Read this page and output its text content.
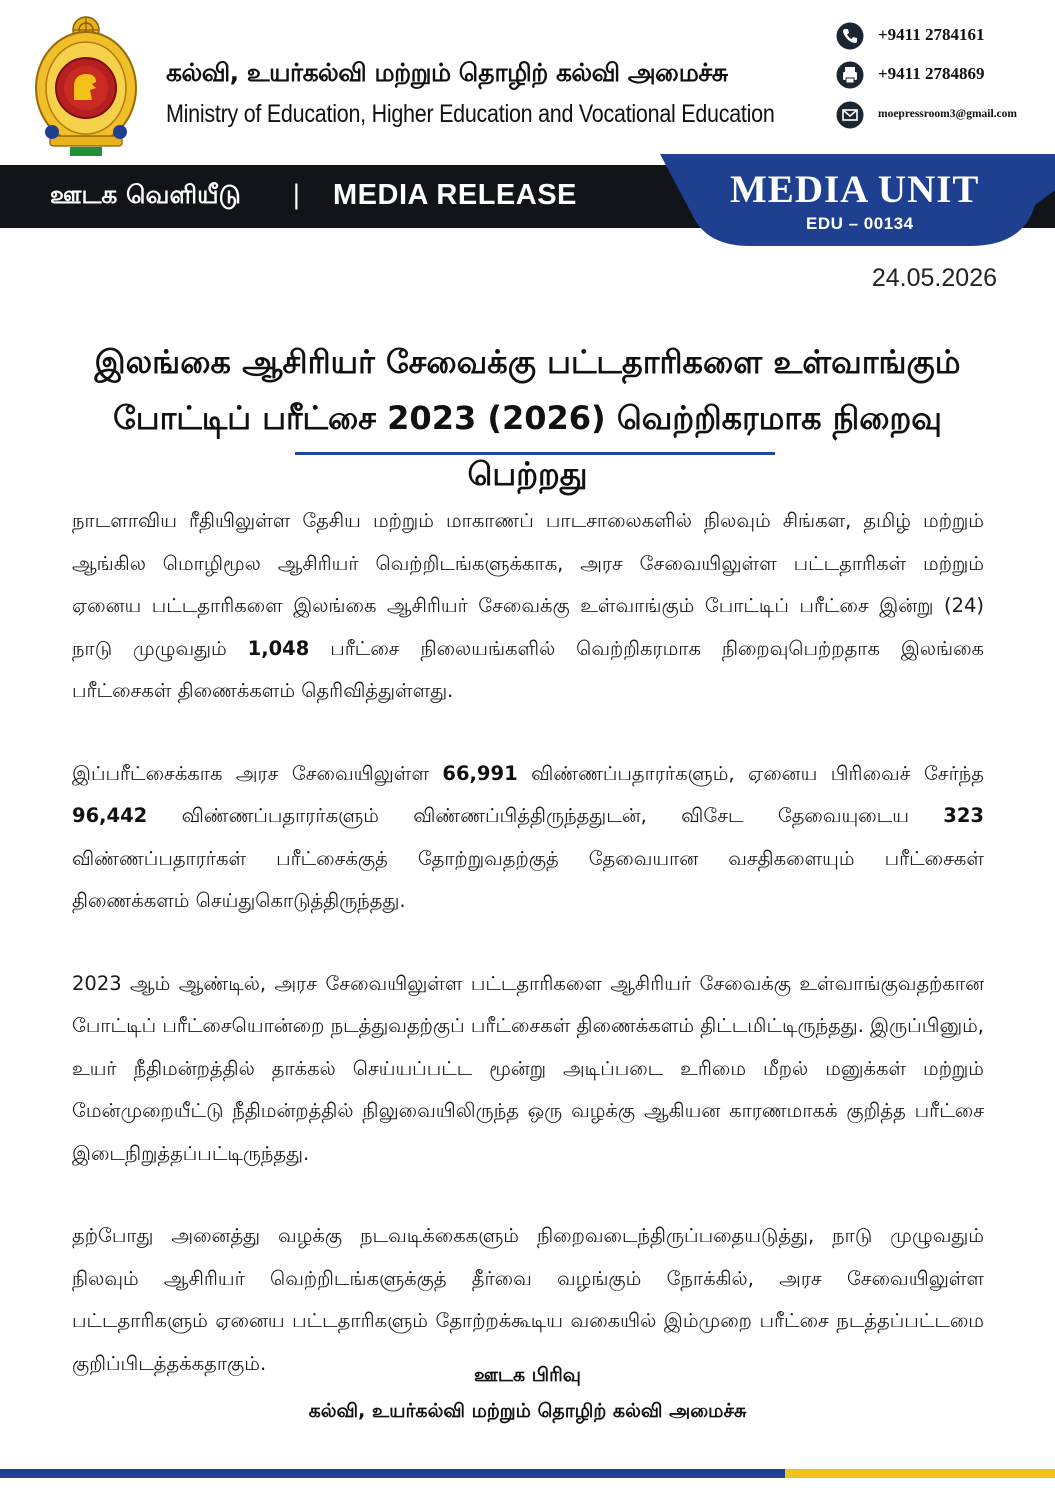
கல்வி, உயர்கல்வி மற்றும் தொழிற் கல்வி அமைச்சு
Ministry of Education, Higher Education and Vocational Education
+9411 2784161
+9411 2784869
moepressroom3@gmail.com
ஊடக வெளியீடு | MEDIA RELEASE	MEDIA UNIT
EDU – 00134
24.05.2026
இலங்கை ஆசிரியர் சேவைக்கு பட்டதாரிகளை உள்வாங்கும்
போட்டிப் பரீட்சை 2023 (2026) வெற்றிகரமாக நிறைவு பெற்றது

நாடளாவிய ரீதியிலுள்ள தேசிய மற்றும் மாகாணப் பாடசாலைகளில் நிலவும் சிங்கள, தமிழ் மற்றும் ஆங்கில மொழிமூல ஆசிரியர் வெற்றிடங்களுக்காக, அரச சேவையிலுள்ள பட்டதாரிகள் மற்றும் ஏனைய பட்டதாரிகளை இலங்கை ஆசிரியர் சேவைக்கு உள்வாங்கும் போட்டிப் பரீட்சை இன்று (24) நாடு முழுவதும் 1,048 பரீட்சை நிலையங்களில் வெற்றிகரமாக நிறைவுபெற்றதாக இலங்கை பரீட்சைகள் திணைக்களம் தெரிவித்துள்ளது.

இப்பரீட்சைக்காக அரச சேவையிலுள்ள 66,991 விண்ணப்பதாரர்களும், ஏனைய பிரிவைச் சேர்ந்த 96,442 விண்ணப்பதாரர்களும் விண்ணப்பித்திருந்ததுடன், விசேட தேவையுடைய 323 விண்ணப்பதாரர்கள் பரீட்சைக்குத் தோற்றுவதற்குத் தேவையான வசதிகளையும் பரீட்சைகள் திணைக்களம் செய்துகொடுத்திருந்தது.

2023 ஆம் ஆண்டில், அரச சேவையிலுள்ள பட்டதாரிகளை ஆசிரியர் சேவைக்கு உள்வாங்குவதற்கான போட்டிப் பரீட்சையொன்றை நடத்துவதற்குப் பரீட்சைகள் திணைக்களம் திட்டமிட்டிருந்தது. இருப்பினும், உயர் நீதிமன்றத்தில் தாக்கல் செய்யப்பட்ட மூன்று அடிப்படை உரிமை மீறல் மனுக்கள் மற்றும் மேன்முறையீட்டு நீதிமன்றத்தில் நிலுவையிலிருந்த ஒரு வழக்கு ஆகியன காரணமாகக் குறித்த பரீட்சை இடைநிறுத்தப்பட்டிருந்தது.

தற்போது அனைத்து வழக்கு நடவடிக்கைகளும் நிறைவடைந்திருப்பதையடுத்து, நாடு முழுவதும் நிலவும் ஆசிரியர் வெற்றிடங்களுக்குத் தீர்வை வழங்கும் நோக்கில், அரச சேவையிலுள்ள பட்டதாரிகளும் ஏனைய பட்டதாரிகளும் தோற்றக்கூடிய வகையில் இம்முறை பரீட்சை நடத்தப்பட்டமை குறிப்பிடத்தக்கதாகும்.

ஊடக பிரிவு
கல்வி, உயர்கல்வி மற்றும் தொழிற் கல்வி அமைச்சு
